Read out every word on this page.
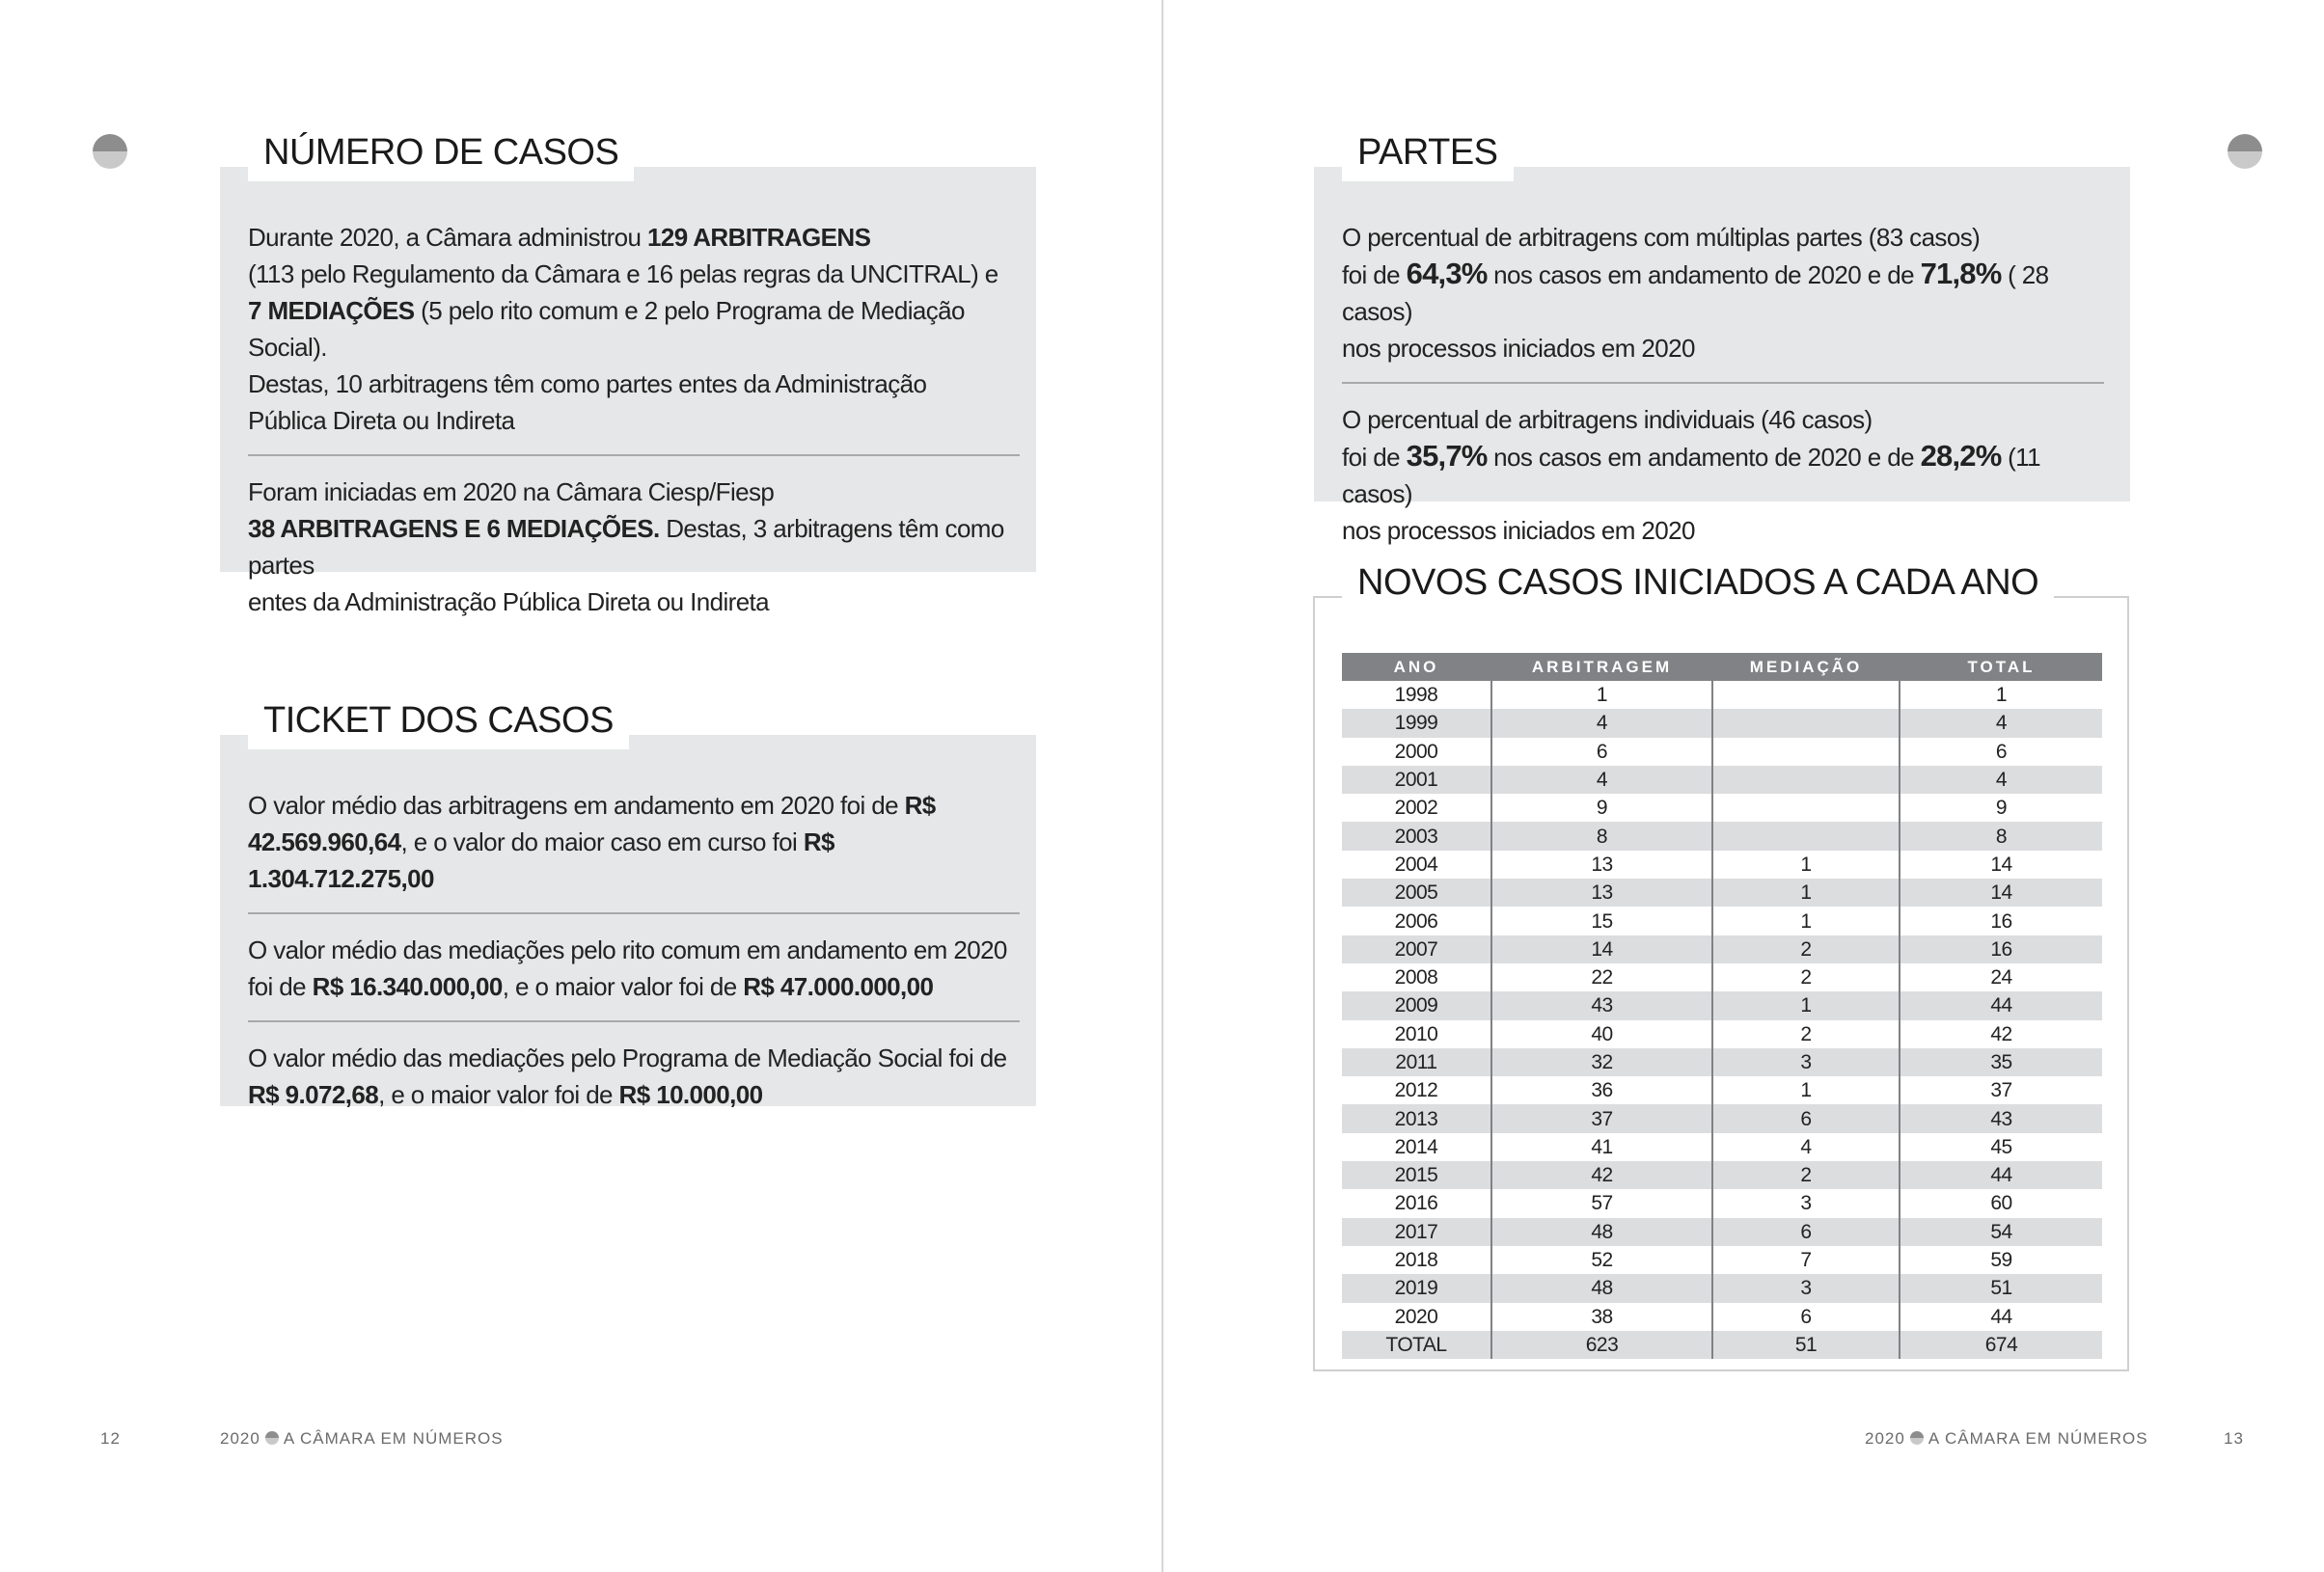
Durante 2020, a Câmara administrou 129 ARBITRAGENS
(113 pelo Regulamento da Câmara e 16 pelas regras da UNCITRAL) e
7 MEDIAÇÕES (5 pelo rito comum e 2 pelo Programa de Mediação Social).
Destas, 10 arbitragens têm como partes entes da Administração
Pública Direta ou Indireta
Foram iniciadas em 2020 na Câmara Ciesp/Fiesp
38 ARBITRAGENS E 6 MEDIAÇÕES. Destas, 3 arbitragens têm como partes
entes da Administração Pública Direta ou Indireta
NÚMERO DE CASOS
O valor médio das arbitragens em andamento em 2020 foi de R$
42.569.960,64, e o valor do maior caso em curso foi R$ 1.304.712.275,00
O valor médio das mediações pelo rito comum em andamento em 2020
foi de R$ 16.340.000,00, e o maior valor foi de R$ 47.000.000,00
O valor médio das mediações pelo Programa de Mediação Social foi de
R$ 9.072,68, e o maior valor foi de R$ 10.000,00
TICKET DOS CASOS
12	2020 A CÂMARA EM NÚMEROS
O percentual de arbitragens com múltiplas partes (83 casos)
foi de 64,3% nos casos em andamento de 2020 e de 71,8% ( 28 casos)
nos processos iniciados em 2020
O percentual de arbitragens individuais (46 casos)
foi de 35,7% nos casos em andamento de 2020 e de 28,2% (11 casos)
nos processos iniciados em 2020
PARTES
NOVOS CASOS INICIADOS A CADA ANO
ANO	ARBITRAGEM	MEDIAÇÃO	TOTAL
1998	1		1
1999	4		4
2000	6		6
2001	4		4
2002	9		9
2003	8		8
2004	13	1	14
2005	13	1	14
2006	15	1	16
2007	14	2	16
2008	22	2	24
2009	43	1	44
2010	40	2	42
2011	32	3	35
2012	36	1	37
2013	37	6	43
2014	41	4	45
2015	42	2	44
2016	57	3	60
2017	48	6	54
2018	52	7	59
2019	48	3	51
2020	38	6	44
TOTAL	623	51	674
2020 A CÂMARA EM NÚMEROS	13
